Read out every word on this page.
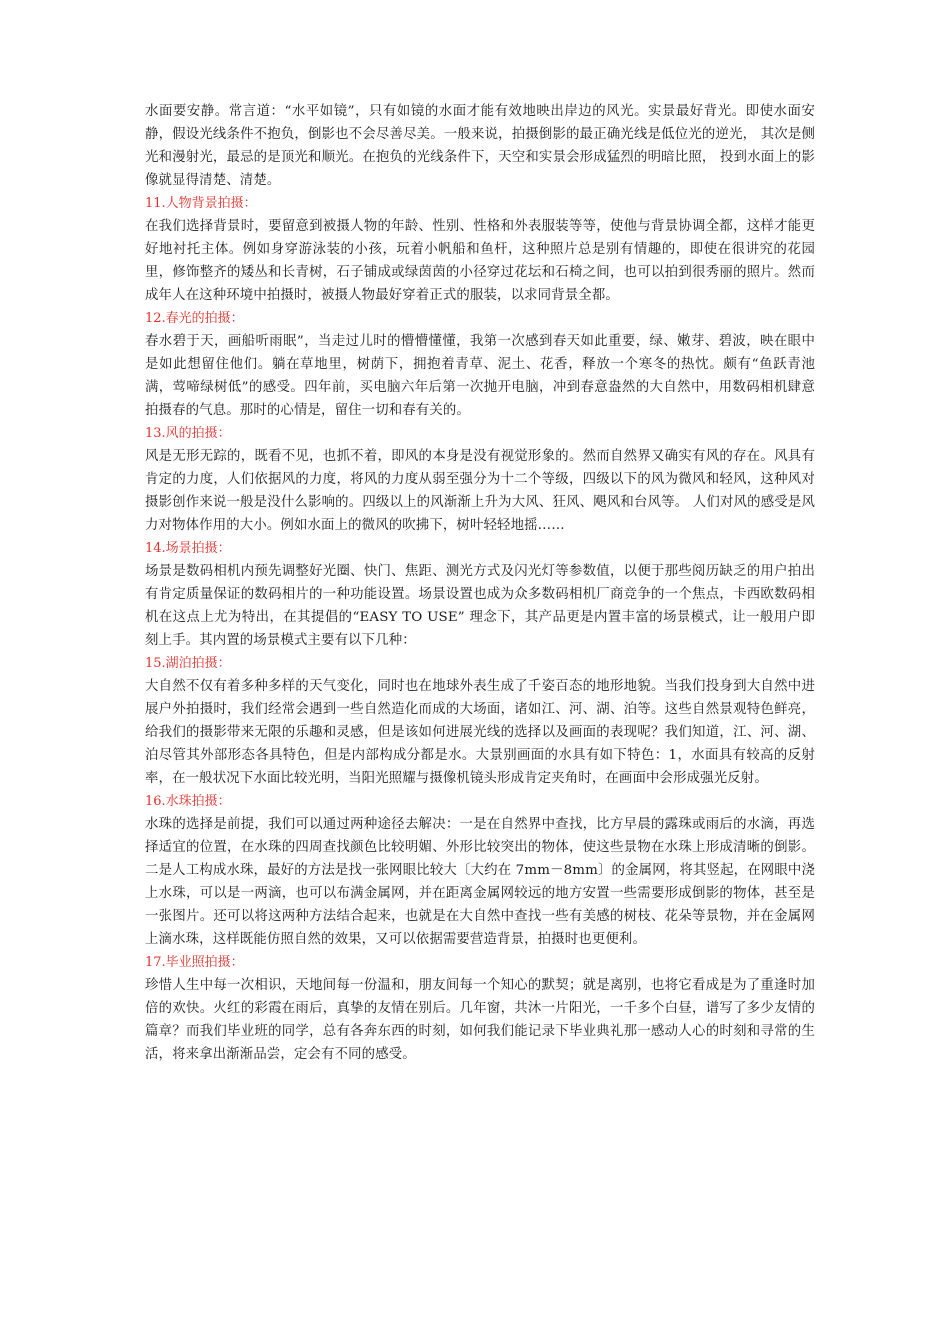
水面要安静。常言道：“水平如镜”，只有如镜的水面才能有效地映出岸边的风光。实景最好背光。即使水面安静，假设光线条件不抱负，倒影也不会尽善尽美。一般来说，拍摄倒影的最正确光线是低位光的逆光， 其次是侧光和漫射光，最忌的是顶光和顺光。在抱负的光线条件下，天空和实景会形成猛烈的明暗比照， 投到水面上的影像就显得清楚、清楚。

11.人物背景拍摄：

在我们选择背景时，要留意到被摄人物的年龄、性别、性格和外表服装等等，使他与背景协调全都，这样才能更好地衬托主体。例如身穿游泳装的小孩，玩着小帆船和鱼杆，这种照片总是别有情趣的，即使在很讲究的花园里，修饰整齐的矮丛和长青树，石子铺成或绿茵茵的小径穿过花坛和石椅之间，也可以拍到很秀丽的照片。然而成年人在这种环境中拍摄时，被摄人物最好穿着正式的服装，以求同背景全都。

12.春光的拍摄：

春水碧于天，画船听雨眠”，当走过儿时的懵懵懂懂，我第一次感到春天如此重要，绿、嫩芽、碧波，映在眼中是如此想留住他们。躺在草地里，树荫下，拥抱着青草、泥土、花香，释放一个寒冬的热忱。颇有“鱼跃青池满，莺啼绿树低”的感受。四年前，买电脑六年后第一次抛开电脑，冲到春意盎然的大自然中，用数码相机肆意拍摄春的气息。那时的心情是，留住一切和春有关的。

13.风的拍摄：

风是无形无踪的，既看不见，也抓不着，即风的本身是没有视觉形象的。然而自然界又确实有风的存在。风具有肯定的力度，人们依据风的力度，将风的力度从弱至强分为十二个等级，四级以下的风为微风和轻风，这种风对摄影创作来说一般是没什么影响的。四级以上的风渐渐上升为大风、狂风、飓风和台风等。 人们对风的感受是风力对物体作用的大小。例如水面上的微风的吹拂下，树叶轻轻地摇……

14.场景拍摄：

场景是数码相机内预先调整好光圈、快门、焦距、测光方式及闪光灯等参数值，以便于那些阅历缺乏的用户拍出有肯定质量保证的数码相片的一种功能设置。场景设置也成为众多数码相机厂商竞争的一个焦点，卡西欧数码相机在这点上尤为特出，在其提倡的“EASY TO USE” 理念下，其产品更是内置丰富的场景模式，让一般用户即刻上手。其内置的场景模式主要有以下几种：

15.湖泊拍摄：

大自然不仅有着多种多样的天气变化，同时也在地球外表生成了千姿百态的地形地貌。当我们投身到大自然中进展户外拍摄时，我们经常会遇到一些自然造化而成的大场面，诸如江、河、湖、泊等。这些自然景观特色鲜亮，给我们的摄影带来无限的乐趣和灵感，但是该如何进展光线的选择以及画面的表现呢？我们知道，江、河、湖、泊尽管其外部形态各具特色，但是内部构成分都是水。大景别画面的水具有如下特色：1，水面具有较高的反射率，在一般状况下水面比较光明，当阳光照耀与摄像机镜头形成肯定夹角时，在画面中会形成强光反射。

16.水珠拍摄：

水珠的选择是前提，我们可以通过两种途径去解决：一是在自然界中查找，比方早晨的露珠或雨后的水滴，再选择适宜的位置，在水珠的四周查找颜色比较明媚、外形比较突出的物体，使这些景物在水珠上形成清晰的倒影。二是人工构成水珠，最好的方法是找一张网眼比较大〔大约在 7mm－8mm〕的金属网，将其竖起，在网眼中浇上水珠，可以是一两滴，也可以布满金属网，并在距离金属网较远的地方安置一些需要形成倒影的物体，甚至是一张图片。还可以将这两种方法结合起来，也就是在大自然中查找一些有美感的树枝、花朵等景物，并在金属网上滴水珠，这样既能仿照自然的效果，又可以依据需要营造背景，拍摄时也更便利。

17.毕业照拍摄：

珍惜人生中每一次相识，天地间每一份温和，朋友间每一个知心的默契；就是离别，也将它看成是为了重逢时加倍的欢快。火红的彩霞在雨后，真挚的友情在别后。几年窗，共沐一片阳光，一千多个白昼，谱写了多少友情的篇章？而我们毕业班的同学，总有各奔东西的时刻，如何我们能记录下毕业典礼那一感动人心的时刻和寻常的生活，将来拿出渐渐品尝，定会有不同的感受。
